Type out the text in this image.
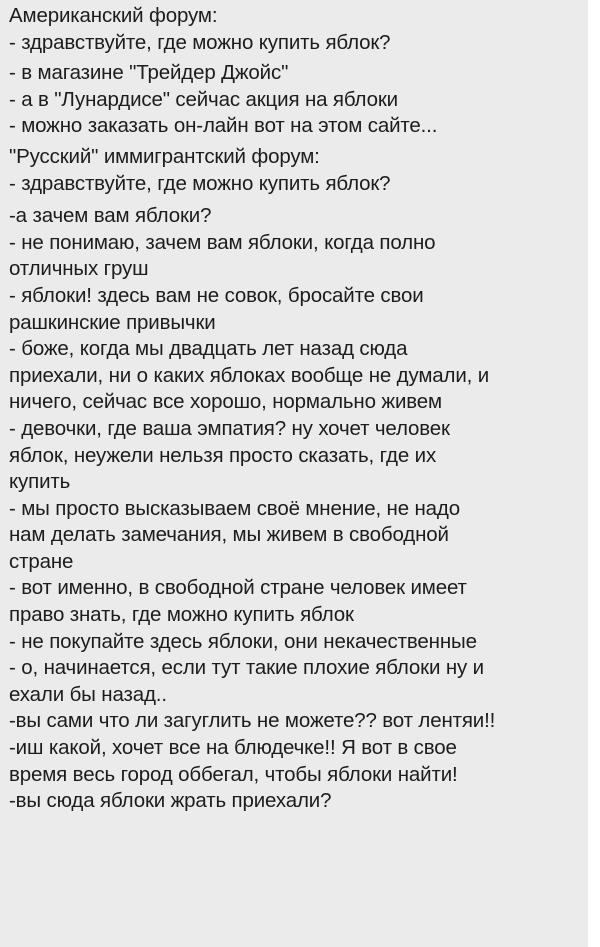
Американский форум:
- здравствуйте, где можно купить яблок?
- в магазине "Трейдер Джойс"
- а в "Лунардисе" сейчас акция на яблоки
- можно заказать он-лайн вот на этом сайте...
"Русский" иммигрантский форум:
- здравствуйте, где можно купить яблок?
-а зачем вам яблоки?
- не понимаю, зачем вам яблоки, когда полно
отличных груш
- яблоки! здесь вам не совок, бросайте свои
рашкинские привычки
- боже, когда мы двадцать лет назад сюда
приехали, ни о каких яблоках вообще не думали, и
ничего, сейчас все хорошо, нормально живем
- девочки, где ваша эмпатия? ну хочет человек
яблок, неужели нельзя просто сказать, где их
купить
- мы просто высказываем своё мнение, не надо
нам делать замечания, мы живем в свободной
стране
- вот именно, в свободной стране человек имеет
право знать, где можно купить яблок
- не покупайте здесь яблоки, они некачественные
- о, начинается, если тут такие плохие яблоки ну и
ехали бы назад..
-вы сами что ли загуглить не можете?? вот лентяи!!
-иш какой, хочет все на блюдечке!! Я вот в свое
время весь город оббегал, чтобы яблоки найти!
-вы сюда яблоки жрать приехали?
